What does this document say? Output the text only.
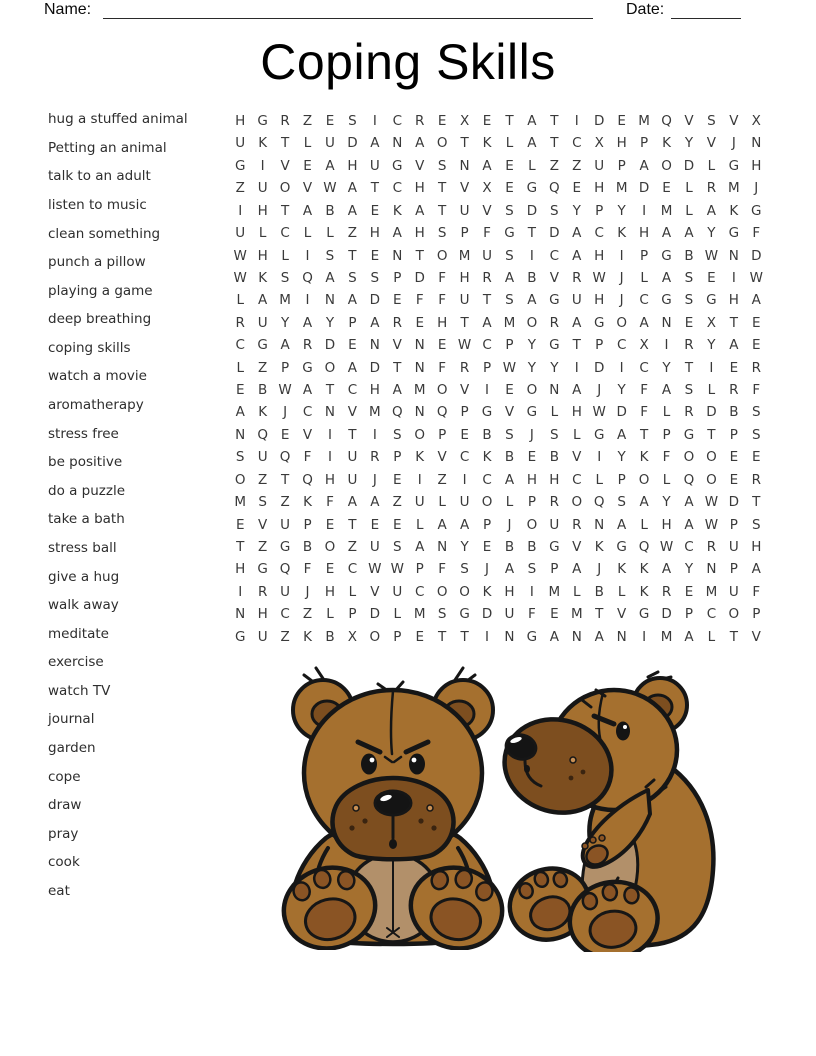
Name:	Date:
Coping Skills
hug a stuffed animal
Petting an animal
talk to an adult
listen to music
clean something
punch a pillow
playing a game
deep breathing
coping skills
watch a movie
aromatherapy
stress free
be positive
do a puzzle
take a bath
stress ball
give a hug
walk away
meditate
exercise
watch TV
journal
garden
cope
draw
pray
cook
eat
H G R Z	E	S	I	C R E	X	E	T	A	T	I	D E M Q V	S	V X
U K	T	L	U D A N A O T	K	L	A	T	C X H P	K	Y	V	J	N
G	I	V	E	A H U G V	S N A	E	L	Z Z U P	A O D L G H
Z U O V W A	T	C H T	V X	E G Q E H M D E	L	R M	J
I	H T	A B A	E	K A	T U V	S D S	Y	P	Y	I	M L	A K G
U	L	C	L	L	Z H A H S	P	F G T D A C K H A A	Y G F
W H	L	I	S	T	E N T O M U S	I	C A H	I	P G B W N D
W K	S Q A	S	S	P D F H R A B V R W	J	L	A	S	E	I	W
L	A M	I	N A D E	F	F	U T	S	A G U H	J	C G S G H A
R U Y	A	Y	P	A R E H T	A M O R A G O A N E	X	T	E
C G A R D E N V N E W C	P	Y G T	P	C X	I	R	Y	A	E
L	Z	P G O A D T N	F	R	P W Y	Y	I	D	I	C	Y	T	I	E R
E	B W A	T	C H A M O V	I	E O N A	J	Y	F	A	S	L	R	F
A K	J	C N V M Q N Q P G V G L	H W D F	L	R D B	S
N Q E	V	I	T	I	S O P	E	B	S	J	S	L G A	T	P G T	P	S
S U Q F	I	U R	P	K V C K B	E	B V	I	Y	K	F O O E	E
O Z	T Q H U	J	E	I	Z	I	C A H H C	L	P O L Q O E R
M S	Z K	F	A A Z U	L	U O L	P	R O Q S	A	Y	A W D T
E	V U P	E	T	E	E	L	A A	P	J	O U R N A	L	H A W P	S
T	Z G B O Z U S	A N Y	E	B B G V K G Q W C R U H
H G Q F	E C W W P	F	S	J	A	S	P	A	J	K	K A	Y N P	A
I	R U	J	H	L	V U C O O K H	I	M L	B	L	K R E M U	F
N H C Z	L	P D L M S G D U	F	E M T	V G D P	C O P
G U Z K B X O P	E	T	T	I	N G A N A N	I	M A	L	T	V
